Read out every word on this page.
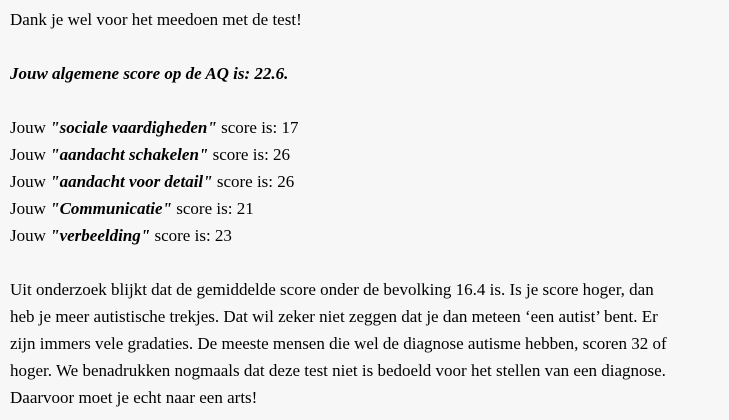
Dank je wel voor het meedoen met de test!

Jouw algemene score op de AQ is: 22.6.

Jouw "sociale vaardigheden" score is: 17
Jouw "aandacht schakelen" score is: 26
Jouw "aandacht voor detail" score is: 26
Jouw "Communicatie" score is: 21
Jouw "verbeelding" score is: 23
Uit onderzoek blijkt dat de gemiddelde score onder de bevolking 16.4 is. Is je score hoger, dan
heb je meer autistische trekjes. Dat wil zeker niet zeggen dat je dan meteen ‘een autist’ bent. Er
zijn immers vele gradaties. De meeste mensen die wel de diagnose autisme hebben, scoren 32 of
hoger. We benadrukken nogmaals dat deze test niet is bedoeld voor het stellen van een diagnose.
Daarvoor moet je echt naar een arts!
